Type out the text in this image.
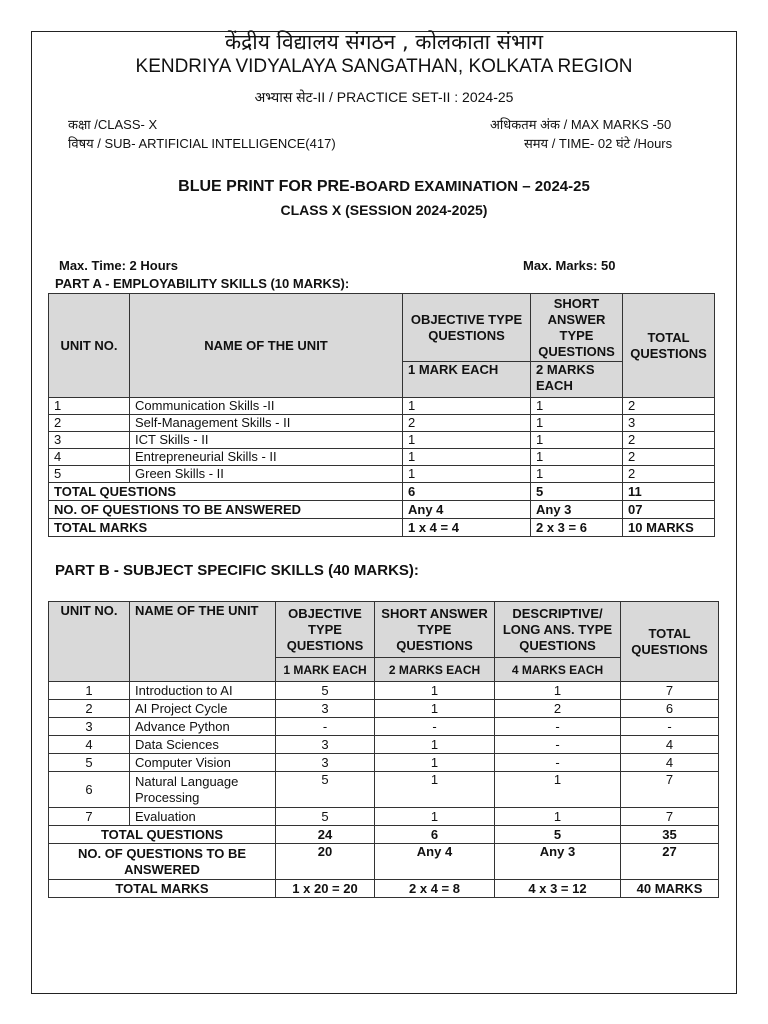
केंद्रीय विद्यालय संगठन , कोलकाता संभाग
KENDRIYA VIDYALAYA SANGATHAN, KOLKATA REGION
अभ्यास सेट-II / PRACTICE SET-II : 2024-25
कक्षा /CLASS- X
विषय / SUB- ARTIFICIAL INTELLIGENCE(417)
अधिकतम अंक / MAX MARKS -50
समय / TIME- 02 घंटे /Hours
BLUE PRINT FOR PRE-BOARD EXAMINATION – 2024-25
CLASS X (SESSION 2024-2025)
Max. Time: 2 Hours	Max. Marks: 50
PART A - EMPLOYABILITY SKILLS (10 MARKS):
UNIT NO.	NAME OF THE UNIT	OBJECTIVE TYPE QUESTIONS	SHORT ANSWER TYPE QUESTIONS	TOTAL QUESTIONS
		1 MARK EACH	2 MARKS EACH	
1	Communication Skills -II	1	1	2
2	Self-Management Skills - II	2	1	3
3	ICT Skills - II	1	1	2
4	Entrepreneurial Skills - II	1	1	2
5	Green Skills - II	1	1	2
TOTAL QUESTIONS		6	5	11
NO. OF QUESTIONS TO BE ANSWERED		Any 4	Any 3	07
TOTAL MARKS		1 x 4 = 4	2 x 3 = 6	10 MARKS
PART B - SUBJECT SPECIFIC SKILLS (40 MARKS):
UNIT NO.	NAME OF THE UNIT	OBJECTIVE TYPE QUESTIONS	SHORT ANSWER TYPE QUESTIONS	DESCRIPTIVE/ LONG ANS. TYPE QUESTIONS	TOTAL QUESTIONS
		1 MARK EACH	2 MARKS EACH	4 MARKS EACH	
1	Introduction to AI	5	1	1	7
2	AI Project Cycle	3	1	2	6
3	Advance Python	-	-	-	-
4	Data Sciences	3	1	-	4
5	Computer Vision	3	1	-	4
6	Natural Language Processing	5	1	1	7
7	Evaluation	5	1	1	7
TOTAL QUESTIONS		24	6	5	35
NO. OF QUESTIONS TO BE ANSWERED		20	Any 4	Any 3	27
TOTAL MARKS		1 x 20 = 20	2 x 4 = 8	4 x 3 = 12	40 MARKS
